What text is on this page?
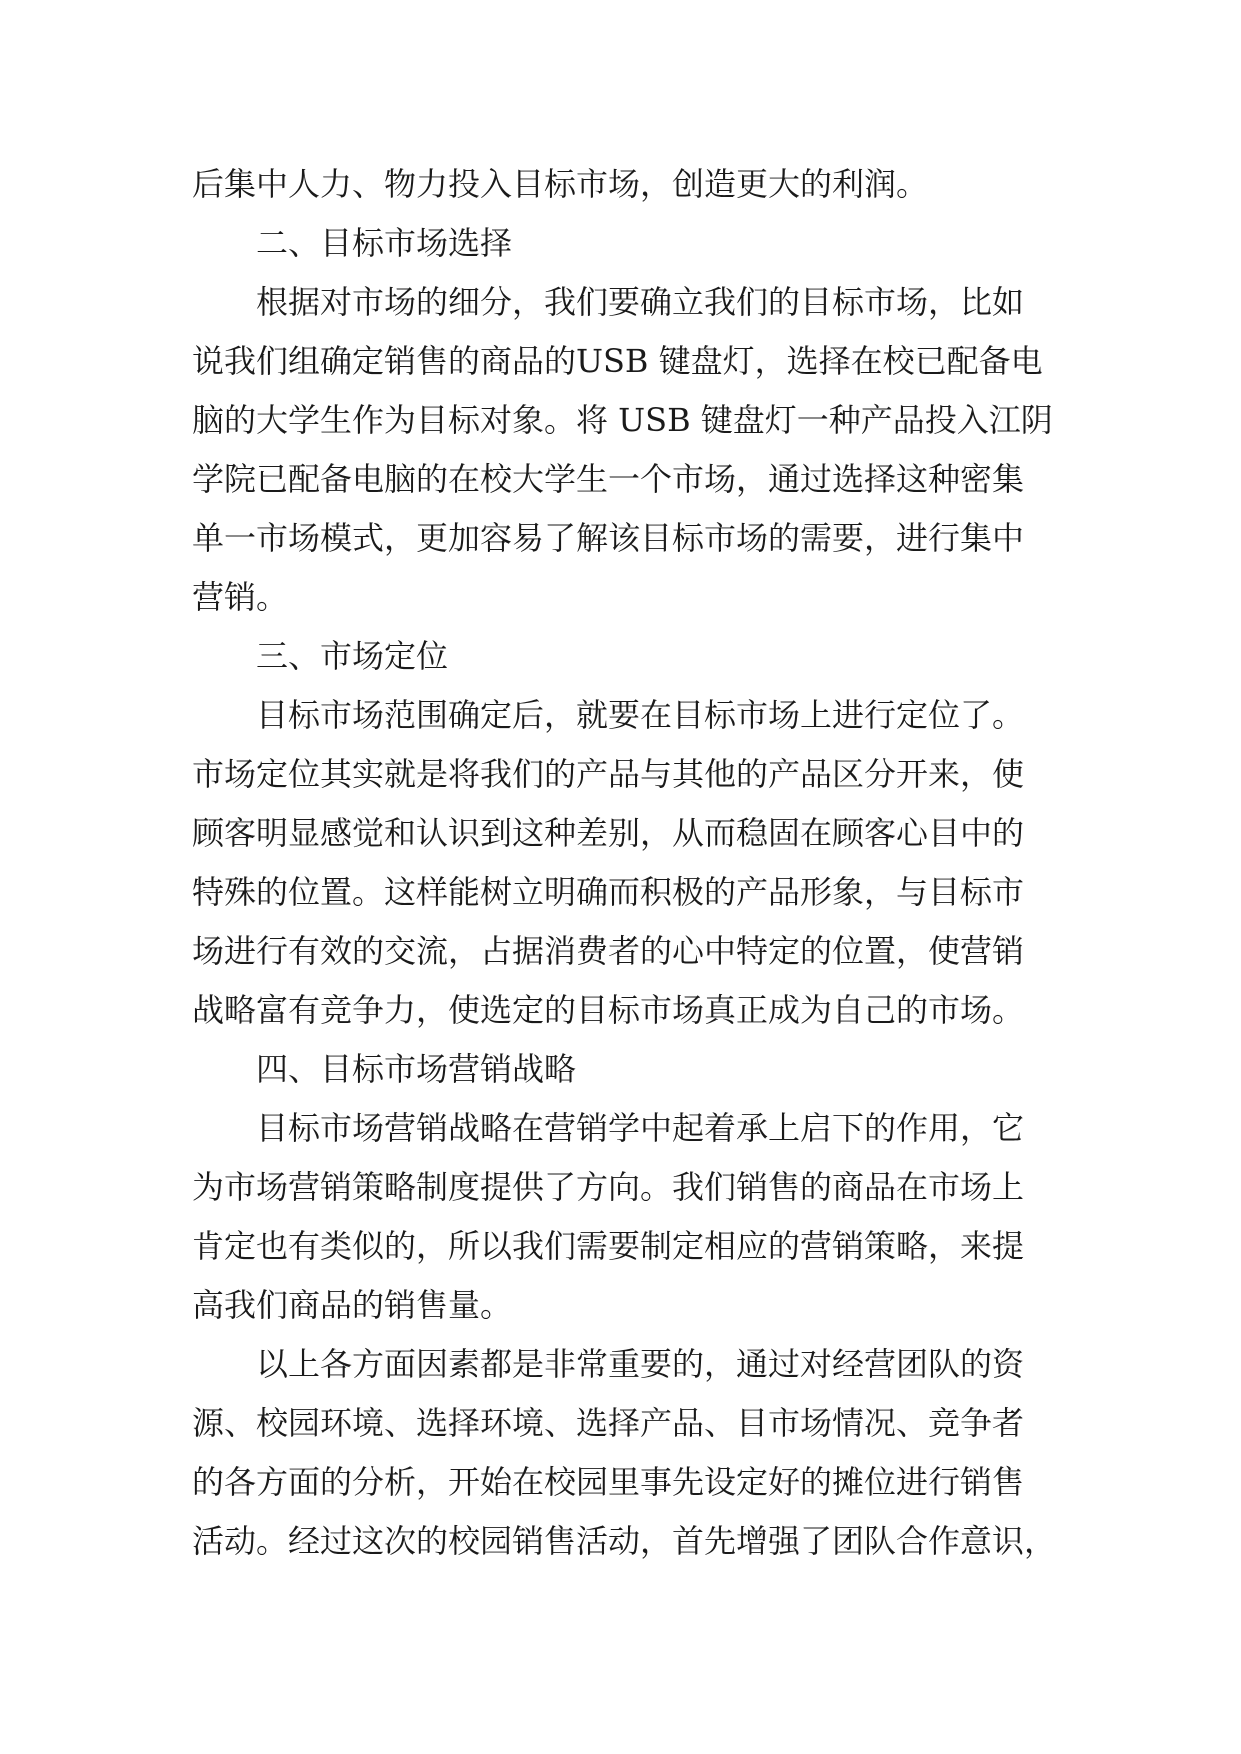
后集中人力、物力投入目标市场，创造更大的利润。
二、目标市场选择
根据对市场的细分，我们要确立我们的目标市场，比如
说我们组确定销售的商品的USB 键盘灯，选择在校已配备电
脑的大学生作为目标对象。将 USB 键盘灯一种产品投入江阴
学院已配备电脑的在校大学生一个市场，通过选择这种密集
单一市场模式，更加容易了解该目标市场的需要，进行集中
营销。
三、市场定位
目标市场范围确定后，就要在目标市场上进行定位了。
市场定位其实就是将我们的产品与其他的产品区分开来，使
顾客明显感觉和认识到这种差别，从而稳固在顾客心目中的
特殊的位置。这样能树立明确而积极的产品形象，与目标市
场进行有效的交流，占据消费者的心中特定的位置，使营销
战略富有竞争力，使选定的目标市场真正成为自己的市场。
四、目标市场营销战略
目标市场营销战略在营销学中起着承上启下的作用，它
为市场营销策略制度提供了方向。我们销售的商品在市场上
肯定也有类似的，所以我们需要制定相应的营销策略，来提
高我们商品的销售量。
以上各方面因素都是非常重要的，通过对经营团队的资
源、校园环境、选择环境、选择产品、目市场情况、竞争者
的各方面的分析，开始在校园里事先设定好的摊位进行销售
活动。经过这次的校园销售活动，首先增强了团队合作意识，
